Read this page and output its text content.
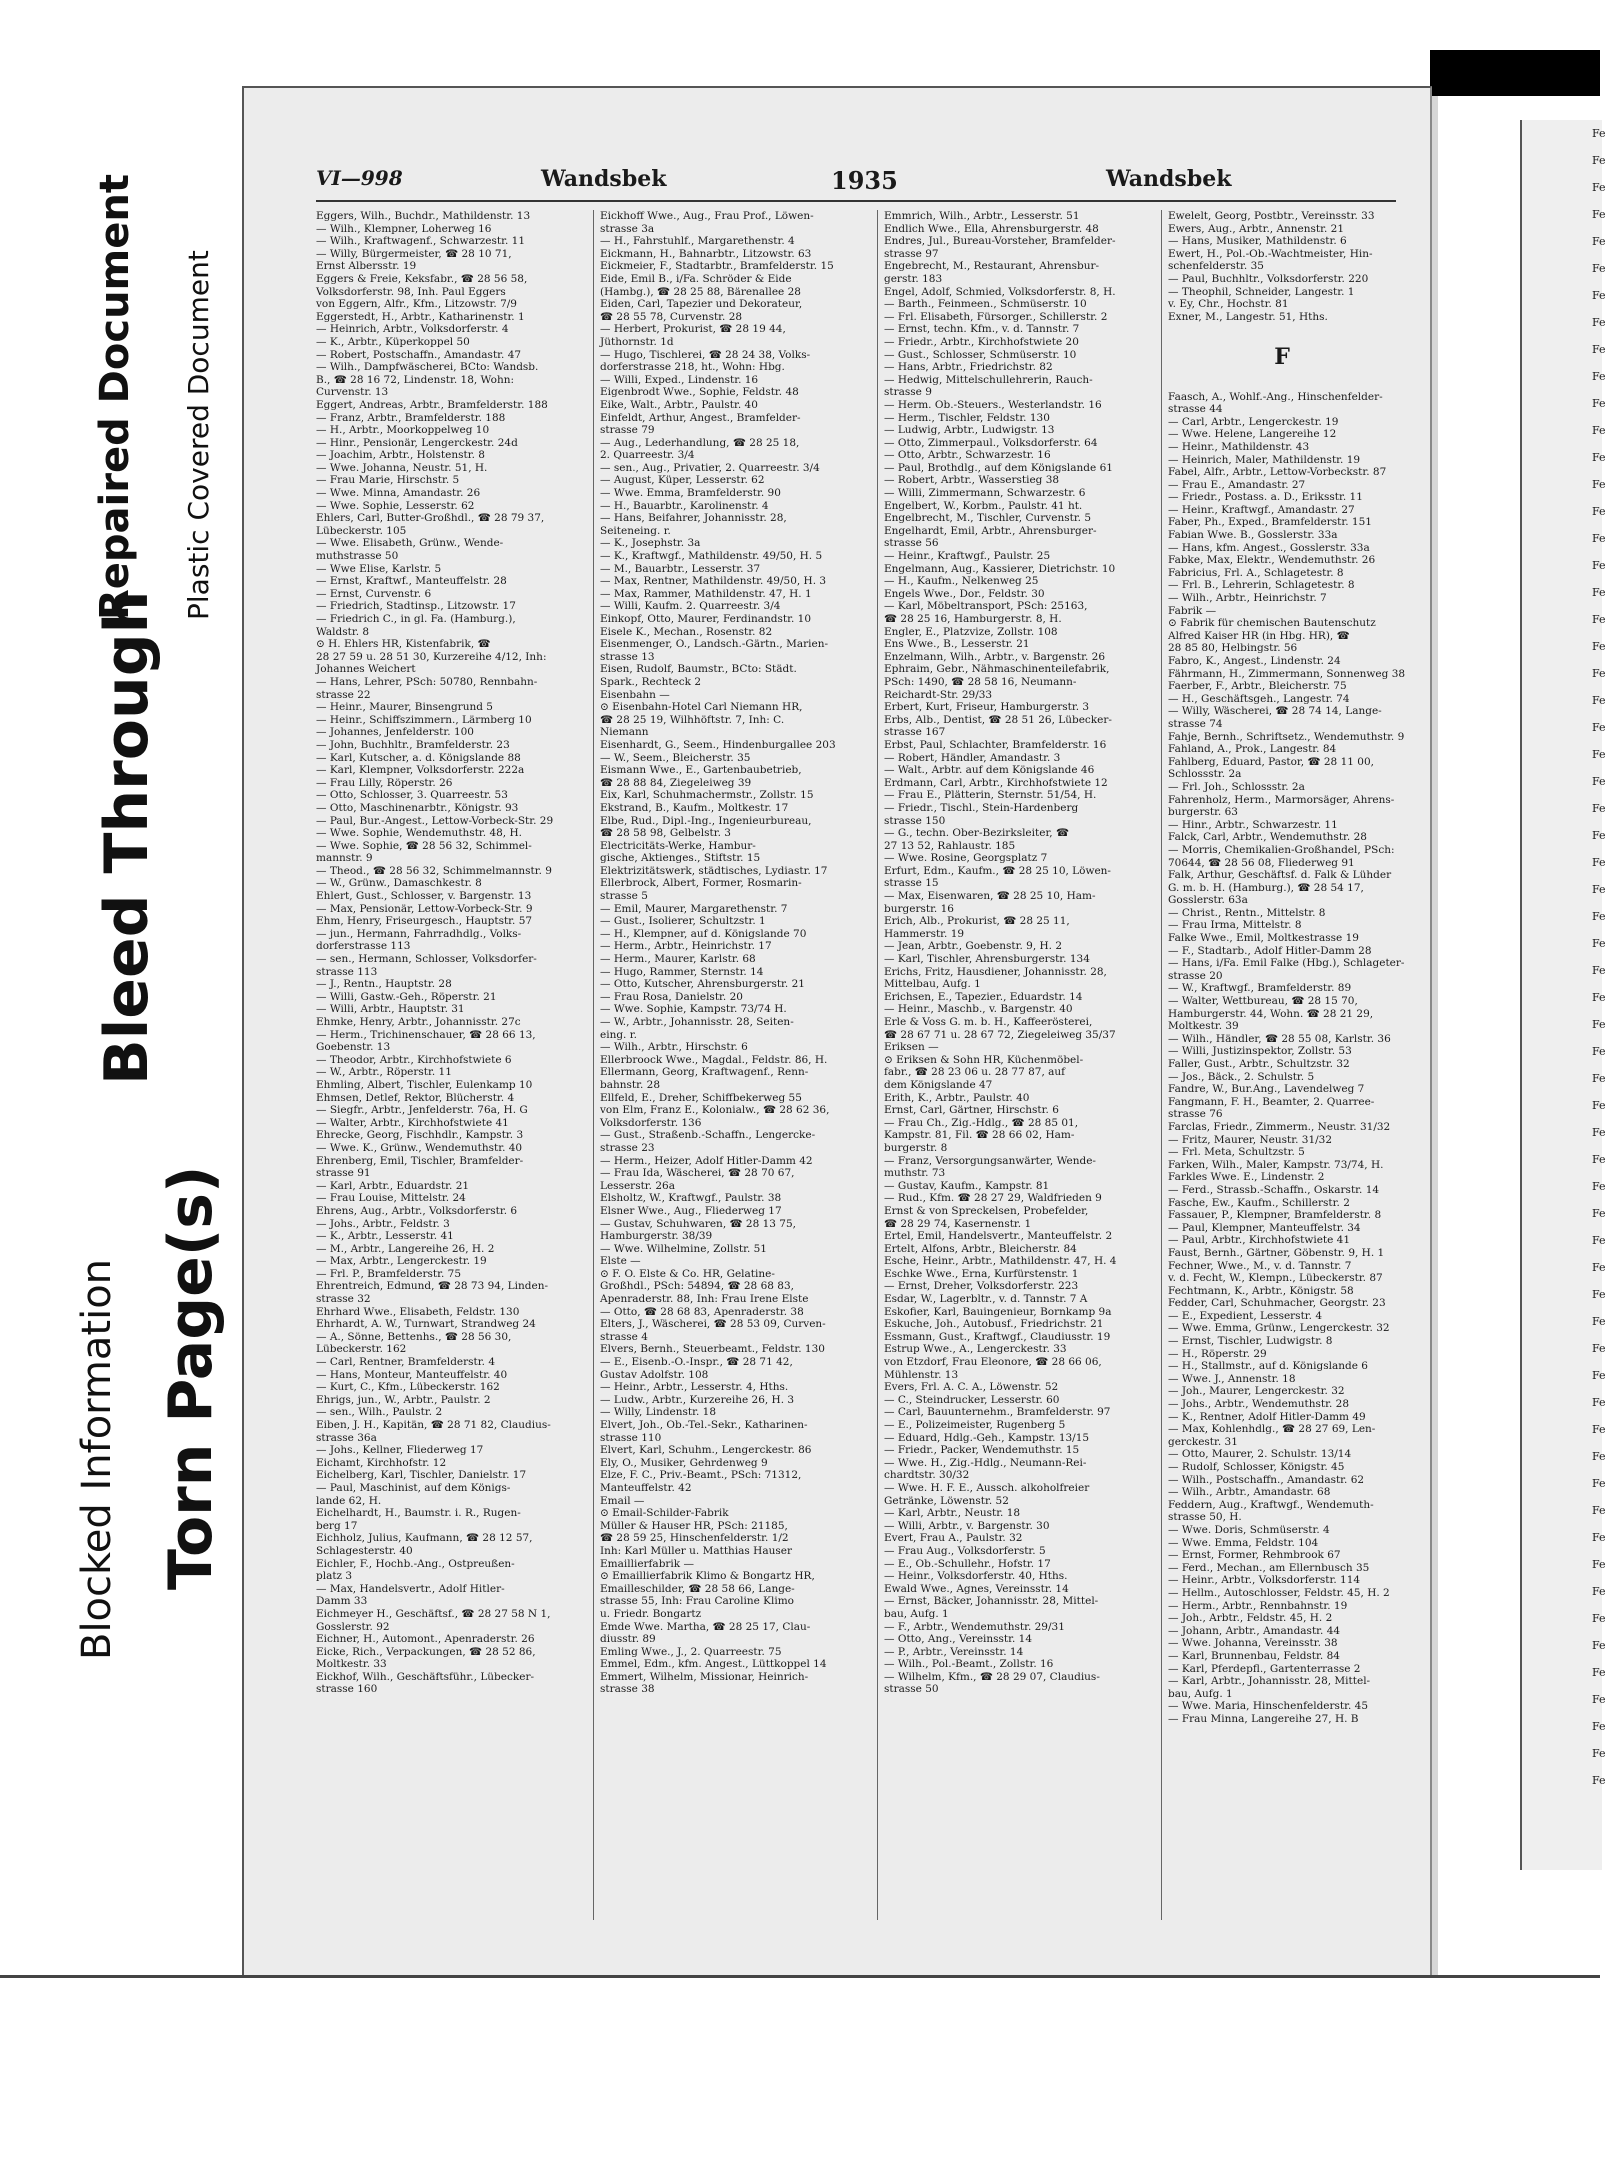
Blocked Information
Bleed Through
Torn Page(s)
Repaired Document Plastic Covered Document
VI—998	Wandsbek	1935	Wandsbek
Eggers, Wilh., Buchdr., Mathildenstr. 13
— Wilh., Klempner, Loherweg 16
— Wilh., Kraftwagenf., Schwarzestr. 11
— Willy, Bürgermeister, ☎ 28 10 71,
Ernst Albersstr. 19
Eggers & Freie, Keksfabr., ☎ 28 56 58,
Volksdorferstr. 98, Inh. Paul Eggers
von Eggern, Alfr., Kfm., Litzowstr. 7/9
Eggerstedt, H., Arbtr., Katharinenstr. 1
— Heinrich, Arbtr., Volksdorferstr. 4
— K., Arbtr., Küperkoppel 50
— Robert, Postschaffn., Amandastr. 47
— Wilh., Dampfwäscherei, BCto: Wandsb.
B., ☎ 28 16 72, Lindenstr. 18, Wohn:
Curvenstr. 13
Eggert, Andreas, Arbtr., Bramfelderstr. 188
— Franz, Arbtr., Bramfelderstr. 188
— H., Arbtr., Moorkoppelweg 10
— Hinr., Pensionär, Lengerckestr. 24d
— Joachim, Arbtr., Holstenstr. 8
— Wwe. Johanna, Neustr. 51, H.
— Frau Marie, Hirschstr. 5
— Wwe. Minna, Amandastr. 26
— Wwe. Sophie, Lesserstr. 62
Ehlers, Carl, Butter-Großhdl., ☎ 28 79 37,
Lübeckerstr. 105
— Wwe. Elisabeth, Grünw., Wende-
muthstrasse 50
— Wwe Elise, Karlstr. 5
— Ernst, Kraftwf., Manteuffelstr. 28
— Ernst, Curvenstr. 6
— Friedrich, Stadtinsp., Litzowstr. 17
— Friedrich C., in gl. Fa. (Hamburg.),
Waldstr. 8
⊙ H. Ehlers HR, Kistenfabrik, ☎
28 27 59 u. 28 51 30, Kurzereihe 4/12, Inh:
Johannes Weichert
— Hans, Lehrer, PSch: 50780, Rennbahn-
strasse 22
— Heinr., Maurer, Binsengrund 5
— Heinr., Schiffszimmern., Lärmberg 10
— Johannes, Jenfelderstr. 100
— John, Buchhltr., Bramfelderstr. 23
— Karl, Kutscher, a. d. Königslande 88
— Karl, Klempner, Volksdorferstr. 222a
— Frau Lilly, Röperstr. 26
— Otto, Schlosser, 3. Quarreestr. 53
— Otto, Maschinenarbtr., Königstr. 93
— Paul, Bur.-Angest., Lettow-Vorbeck-Str. 29
— Wwe. Sophie, Wendemuthstr. 48, H.
— Wwe. Sophie, ☎ 28 56 32, Schimmel-
mannstr. 9
— Theod., ☎ 28 56 32, Schimmelmannstr. 9
— W., Grünw., Damaschkestr. 8
Ehlert, Gust., Schlosser, v. Bargenstr. 13
— Max, Pensionär, Lettow-Vorbeck-Str. 9
Ehm, Henry, Friseurgesch., Hauptstr. 57
— jun., Hermann, Fahrradhdlg., Volks-
dorferstrasse 113
— sen., Hermann, Schlosser, Volksdorfer-
strasse 113
— J., Rentn., Hauptstr. 28
— Willi, Gastw.-Geh., Röperstr. 21
— Willi, Arbtr., Hauptstr. 31
Ehmke, Henry, Arbtr., Johannisstr. 27c
— Herm., Trichinenschauer, ☎ 28 66 13,
Goebenstr. 13
— Theodor, Arbtr., Kirchhofstwiete 6
— W., Arbtr., Röperstr. 11
Ehmling, Albert, Tischler, Eulenkamp 10
Ehmsen, Detlef, Rektor, Blücherstr. 4
— Siegfr., Arbtr., Jenfelderstr. 76a, H. G
— Walter, Arbtr., Kirchhofstwiete 41
Ehrecke, Georg, Fischhdlr., Kampstr. 3
— Wwe. K., Grünw., Wendemuthstr. 40
Ehrenberg, Emil, Tischler, Bramfelder-
strasse 91
— Karl, Arbtr., Eduardstr. 21
— Frau Louise, Mittelstr. 24
Ehrens, Aug., Arbtr., Volksdorferstr. 6
— Johs., Arbtr., Feldstr. 3
— K., Arbtr., Lesserstr. 41
— M., Arbtr., Langereihe 26, H. 2
— Max, Arbtr., Lengerckestr. 19
— Frl. P., Bramfelderstr. 75
Ehrentreich, Edmund, ☎ 28 73 94, Linden-
strasse 32
Ehrhard Wwe., Elisabeth, Feldstr. 130
Ehrhardt, A. W., Turnwart, Strandweg 24
— A., Sönne, Bettenhs., ☎ 28 56 30,
Lübeckerstr. 162
— Carl, Rentner, Bramfelderstr. 4
— Hans, Monteur, Manteuffelstr. 40
— Kurt, C., Kfm., Lübeckerstr. 162
Ehrigs, jun., W., Arbtr., Paulstr. 2
— sen., Wilh., Paulstr. 2
Eiben, J. H., Kapitän, ☎ 28 71 82, Claudius-
strasse 36a
— Johs., Kellner, Fliederweg 17
Eichamt, Kirchhofstr. 12
Eichelberg, Karl, Tischler, Danielstr. 17
— Paul, Maschinist, auf dem Königs-
lande 62, H.
Eichelhardt, H., Baumstr. i. R., Rugen-
berg 17
Eichholz, Julius, Kaufmann, ☎ 28 12 57,
Schlagesterstr. 40
Eichler, F., Hochb.-Ang., Ostpreußen-
platz 3
— Max, Handelsvertr., Adolf Hitler-
Damm 33
Eichmeyer H., Geschäftsf., ☎ 28 27 58 N 1,
Gosslerstr. 92
Eichner, H., Automont., Apenraderstr. 26
Eicke, Rich., Verpackungen, ☎ 28 52 86,
Moltkestr. 33
Eickhof, Wilh., Geschäftsführ., Lübecker-
strasse 160
Eickhoff Wwe., Aug., Frau Prof., Löwen-
strasse 3a
— H., Fahrstuhlf., Margarethenstr. 4
Eickmann, H., Bahnarbtr., Litzowstr. 63
Eickmeier, F., Stadtarbtr., Bramfelderstr. 15
Eide, Emil B., i/Fa. Schröder & Eide
(Hambg.), ☎ 28 25 88, Bärenallee 28
Eiden, Carl, Tapezier und Dekorateur,
☎ 28 55 78, Curvenstr. 28
— Herbert, Prokurist, ☎ 28 19 44,
Jüthornstr. 1d
— Hugo, Tischlerei, ☎ 28 24 38, Volks-
dorferstrasse 218, ht., Wohn: Hbg.
— Willi, Exped., Lindenstr. 16
Eigenbrodt Wwe., Sophie, Feldstr. 48
Eike, Walt., Arbtr., Paulstr. 40
Einfeldt, Arthur, Angest., Bramfelder-
strasse 79
— Aug., Lederhandlung, ☎ 28 25 18,
2. Quarreestr. 3/4
— sen., Aug., Privatier, 2. Quarreestr. 3/4
— August, Küper, Lesserstr. 62
— Wwe. Emma, Bramfelderstr. 90
— H., Bauarbtr., Karolinenstr. 4
— Hans, Beifahrer, Johannisstr. 28,
Seiteneing. r.
— K., Josephstr. 3a
— K., Kraftwgf., Mathildenstr. 49/50, H. 5
— M., Bauarbtr., Lesserstr. 37
— Max, Rentner, Mathildenstr. 49/50, H. 3
— Max, Rammer, Mathildenstr. 47, H. 1
— Willi, Kaufm. 2. Quarreestr. 3/4
Einkopf, Otto, Maurer, Ferdinandstr. 10
Eisele K., Mechan., Rosenstr. 82
Eisenmenger, O., Landsch.-Gärtn., Marien-
strasse 13
Eisen, Rudolf, Baumstr., BCto: Städt.
Spark., Rechteck 2
Eisenbahn —
⊙ Eisenbahn-Hotel Carl Niemann HR,
☎ 28 25 19, Wilhhöftstr. 7, Inh: C.
Niemann
Eisenhardt, G., Seem., Hindenburgallee 203
— W., Seem., Bleicherstr. 35
Eismann Wwe., E., Gartenbaubetrieb,
☎ 28 88 84, Ziegeleiweg 39
Eix, Karl, Schuhmachermstr., Zollstr. 15
Ekstrand, B., Kaufm., Moltkestr. 17
Elbe, Rud., Dipl.-Ing., Ingenieurbureau,
☎ 28 58 98, Gelbelstr. 3
Electricitäts-Werke, Hambur-
gische, Aktienges., Stiftstr. 15
Elektrizitätswerk, städtisches, Lydiastr. 17
Ellerbrock, Albert, Former, Rosmarin-
strasse 5
— Emil, Maurer, Margarethenstr. 7
— Gust., Isolierer, Schultzstr. 1
— H., Klempner, auf d. Königslande 70
— Herm., Arbtr., Heinrichstr. 17
— Herm., Maurer, Karlstr. 68
— Hugo, Rammer, Sternstr. 14
— Otto, Kutscher, Ahrensburgerstr. 21
— Frau Rosa, Danielstr. 20
— Wwe. Sophie, Kampstr. 73/74 H.
— W., Arbtr., Johannisstr. 28, Seiten-
eing. r.
— Wilh., Arbtr., Hirschstr. 6
Ellerbroock Wwe., Magdal., Feldstr. 86, H.
Ellermann, Georg, Kraftwagenf., Renn-
bahnstr. 28
Ellfeld, E., Dreher, Schiffbekerweg 55
von Elm, Franz E., Kolonialw., ☎ 28 62 36,
Volksdorferstr. 136
— Gust., Straßenb.-Schaffn., Lengercke-
strasse 23
— Herm., Heizer, Adolf Hitler-Damm 42
— Frau Ida, Wäscherei, ☎ 28 70 67,
Lesserstr. 26a
Elsholtz, W., Kraftwgf., Paulstr. 38
Elsner Wwe., Aug., Fliederweg 17
— Gustav, Schuhwaren, ☎ 28 13 75,
Hamburgerstr. 38/39
— Wwe. Wilhelmine, Zollstr. 51
Elste —
⊙ F. O. Elste & Co. HR, Gelatine-
Großhdl., PSch: 54894, ☎ 28 68 83,
Apenraderstr. 88, Inh: Frau Irene Elste
— Otto, ☎ 28 68 83, Apenraderstr. 38
Elters, J., Wäscherei, ☎ 28 53 09, Curven-
strasse 4
Elvers, Bernh., Steuerbeamt., Feldstr. 130
— E., Eisenb.-O.-Inspr., ☎ 28 71 42,
Gustav Adolfstr. 108
— Heinr., Arbtr., Lesserstr. 4, Hths.
— Ludw., Arbtr., Kurzereihe 26, H. 3
— Willy, Lindenstr. 18
Elvert, Joh., Ob.-Tel.-Sekr., Katharinen-
strasse 110
Elvert, Karl, Schuhm., Lengerckestr. 86
Ely, O., Musiker, Gehrdenweg 9
Elze, F. C., Priv.-Beamt., PSch: 71312,
Manteuffelstr. 42
Email —
⊙ Email-Schilder-Fabrik
Müller & Hauser HR, PSch: 21185,
☎ 28 59 25, Hinschenfelderstr. 1/2
Inh: Karl Müller u. Matthias Hauser
Emaillierfabrik —
⊙ Emaillierfabrik Klimo & Bongartz HR,
Emailleschilder, ☎ 28 58 66, Lange-
strasse 55, Inh: Frau Caroline Klimo
u. Friedr. Bongartz
Emde Wwe. Martha, ☎ 28 25 17, Clau-
diusstr. 89
Emling Wwe., J., 2. Quarreestr. 75
Emmel, Edm., kfm. Angest., Lüttkoppel 14
Emmert, Wilhelm, Missionar, Heinrich-
strasse 38
Emmrich, Wilh., Arbtr., Lesserstr. 51
Endlich Wwe., Ella, Ahrensburgerstr. 48
Endres, Jul., Bureau-Vorsteher, Bramfelder-
strasse 97
Engebrecht, M., Restaurant, Ahrensbur-
gerstr. 183
Engel, Adolf, Schmied, Volksdorferstr. 8, H.
— Barth., Feinmeen., Schmüserstr. 10
— Frl. Elisabeth, Fürsorger., Schillerstr. 2
— Ernst, techn. Kfm., v. d. Tannstr. 7
— Friedr., Arbtr., Kirchhofstwiete 20
— Gust., Schlosser, Schmüserstr. 10
— Hans, Arbtr., Friedrichstr. 82
— Hedwig, Mittelschullehrerin, Rauch-
strasse 9
— Herm. Ob.-Steuers., Westerlandstr. 16
— Herm., Tischler, Feldstr. 130
— Ludwig, Arbtr., Ludwigstr. 13
— Otto, Zimmerpaul., Volksdorferstr. 64
— Otto, Arbtr., Schwarzestr. 16
— Paul, Brothdlg., auf dem Königslande 61
— Robert, Arbtr., Wasserstieg 38
— Willi, Zimmermann, Schwarzestr. 6
Engelbert, W., Korbm., Paulstr. 41 ht.
Engelbrecht, M., Tischler, Curvenstr. 5
Engelhardt, Emil, Arbtr., Ahrensburger-
strasse 56
— Heinr., Kraftwgf., Paulstr. 25
Engelmann, Aug., Kassierer, Dietrichstr. 10
— H., Kaufm., Nelkenweg 25
Engels Wwe., Dor., Feldstr. 30
— Karl, Möbeltransport, PSch: 25163,
☎ 28 25 16, Hamburgerstr. 8, H.
Engler, E., Platzvize, Zollstr. 108
Ens Wwe., B., Lesserstr. 21
Enzelmann, Wilh., Arbtr., v. Bargenstr. 26
Ephraim, Gebr., Nähmaschinenteilefabrik,
PSch: 1490, ☎ 28 58 16, Neumann-
Reichardt-Str. 29/33
Erbert, Kurt, Friseur, Hamburgerstr. 3
Erbs, Alb., Dentist, ☎ 28 51 26, Lübecker-
strasse 167
Erbst, Paul, Schlachter, Bramfelderstr. 16
— Robert, Händler, Amandastr. 3
— Walt., Arbtr. auf dem Königslande 46
Erdmann, Carl, Arbtr., Kirchhofstwiete 12
— Frau E., Plätterin, Sternstr. 51/54, H.
— Friedr., Tischl., Stein-Hardenberg
strasse 150
— G., techn. Ober-Bezirksleiter, ☎
27 13 52, Rahlaustr. 185
— Wwe. Rosine, Georgsplatz 7
Erfurt, Edm., Kaufm., ☎ 28 25 10, Löwen-
strasse 15
— Max, Eisenwaren, ☎ 28 25 10, Ham-
burgerstr. 16
Erich, Alb., Prokurist, ☎ 28 25 11,
Hammerstr. 19
— Jean, Arbtr., Goebenstr. 9, H. 2
— Karl, Tischler, Ahrensburgerstr. 134
Erichs, Fritz, Hausdiener, Johannisstr. 28,
Mittelbau, Aufg. 1
Erichsen, E., Tapezier., Eduardstr. 14
— Heinr., Maschb., v. Bargenstr. 40
Erle & Voss G. m. b. H., Kaffeerösterei,
☎ 28 67 71 u. 28 67 72, Ziegeleiweg 35/37
Eriksen —
⊙ Eriksen & Sohn HR, Küchenmöbel-
fabr., ☎ 28 23 06 u. 28 77 87, auf
dem Königslande 47
Erith, K., Arbtr., Paulstr. 40
Ernst, Carl, Gärtner, Hirschstr. 6
— Frau Ch., Zig.-Hdlg., ☎ 28 85 01,
Kampstr. 81, Fil. ☎ 28 66 02, Ham-
burgerstr. 8
— Franz, Versorgungsanwärter, Wende-
muthstr. 73
— Gustav, Kaufm., Kampstr. 81
— Rud., Kfm. ☎ 28 27 29, Waldfrieden 9
Ernst & von Spreckelsen, Probefelder,
☎ 28 29 74, Kasernenstr. 1
Ertel, Emil, Handelsvertr., Manteuffelstr. 2
Ertelt, Alfons, Arbtr., Bleicherstr. 84
Esche, Heinr., Arbtr., Mathildenstr. 47, H. 4
Eschke Wwe., Erna, Kurfürstenstr. 1
— Ernst, Dreher, Volksdorferstr. 223
Esdar, W., Lagerbltr., v. d. Tannstr. 7 A
Eskofier, Karl, Bauingenieur, Bornkamp 9a
Eskuche, Joh., Autobusf., Friedrichstr. 21
Essmann, Gust., Kraftwgf., Claudiusstr. 19
Estrup Wwe., A., Lengerckestr. 33
von Etzdorf, Frau Eleonore, ☎ 28 66 06,
Mühlenstr. 13
Evers, Frl. A. C. A., Löwenstr. 52
— C., Steindrucker, Lesserstr. 60
— Carl, Bauunternehm., Bramfelderstr. 97
— E., Polizeimeister, Rugenberg 5
— Eduard, Hdlg.-Geh., Kampstr. 13/15
— Friedr., Packer, Wendemuthstr. 15
— Wwe. H., Zig.-Hdlg., Neumann-Rei-
chardtstr. 30/32
— Wwe. H. F. E., Aussch. alkoholfreier
Getränke, Löwenstr. 52
— Karl, Arbtr., Neustr. 18
— Willi, Arbtr., v. Bargenstr. 30
Evert, Frau A., Paulstr. 32
— Frau Aug., Volksdorferstr. 5
— E., Ob.-Schullehr., Hofstr. 17
— Heinr., Volksdorferstr. 40, Hths.
Ewald Wwe., Agnes, Vereinsstr. 14
— Ernst, Bäcker, Johannisstr. 28, Mittel-
bau, Aufg. 1
— F., Arbtr., Wendemuthstr. 29/31
— Otto, Ang., Vereinsstr. 14
— P., Arbtr., Vereinsstr. 14
— Wilh., Pol.-Beamt., Zollstr. 16
— Wilhelm, Kfm., ☎ 28 29 07, Claudius-
strasse 50
Ewelelt, Georg, Postbtr., Vereinsstr. 33
Ewers, Aug., Arbtr., Annenstr. 21
— Hans, Musiker, Mathildenstr. 6
Ewert, H., Pol.-Ob.-Wachtmeister, Hin-
schenfelderstr. 35
— Paul, Buchhltr., Volksdorferstr. 220
— Theophil, Schneider, Langestr. 1
v. Ey, Chr., Hochstr. 81
Exner, M., Langestr. 51, Hths.

F

Faasch, A., Wohlf.-Ang., Hinschenfelder-
strasse 44
— Carl, Arbtr., Lengerckestr. 19
— Wwe. Helene, Langereihe 12
— Heinr., Mathildenstr. 43
— Heinrich, Maler, Mathildenstr. 19
Fabel, Alfr., Arbtr., Lettow-Vorbeckstr. 87
— Frau E., Amandastr. 27
— Friedr., Postass. a. D., Eriksstr. 11
— Heinr., Kraftwgf., Amandastr. 27
Faber, Ph., Exped., Bramfelderstr. 151
Fabian Wwe. B., Gosslerstr. 33a
— Hans, kfm. Angest., Gosslerstr. 33a
Fabke, Max, Elektr., Wendemuthstr. 26
Fabricius, Frl. A., Schlagetestr. 8
— Frl. B., Lehrerin, Schlagetestr. 8
— Wilh., Arbtr., Heinrichstr. 7
Fabrik —
⊙ Fabrik für chemischen Bautenschutz
Alfred Kaiser HR (in Hbg. HR), ☎
28 85 80, Helbingstr. 56
Fabro, K., Angest., Lindenstr. 24
Fährmann, H., Zimmermann, Sonnenweg 38
Faerber, F., Arbtr., Bleicherstr. 75
— H., Geschäftsgeh., Langestr. 74
— Willy, Wäscherei, ☎ 28 74 14, Lange-
strasse 74
Fahje, Bernh., Schriftsetz., Wendemuthstr. 9
Fahland, A., Prok., Langestr. 84
Fahlberg, Eduard, Pastor, ☎ 28 11 00,
Schlossstr. 2a
— Frl. Joh., Schlossstr. 2a
Fahrenholz, Herm., Marmorsäger, Ahrens-
burgerstr. 63
— Hinr., Arbtr., Schwarzestr. 11
Falck, Carl, Arbtr., Wendemuthstr. 28
— Morris, Chemikalien-Großhandel, PSch:
70644, ☎ 28 56 08, Fliederweg 91
Falk, Arthur, Geschäftsf. d. Falk & Lühder
G. m. b. H. (Hamburg.), ☎ 28 54 17,
Gosslerstr. 63a
— Christ., Rentn., Mittelstr. 8
— Frau Irma, Mittelstr. 8
Falke Wwe., Emil, Moltkestrasse 19
— F., Stadtarb., Adolf Hitler-Damm 28
— Hans, i/Fa. Emil Falke (Hbg.), Schlageter-
strasse 20
— W., Kraftwgf., Bramfelderstr. 89
— Walter, Wettbureau, ☎ 28 15 70,
Hamburgerstr. 44, Wohn. ☎ 28 21 29,
Moltkestr. 39
— Wilh., Händler, ☎ 28 55 08, Karlstr. 36
— Willi, Justizinspektor, Zollstr. 53
Faller, Gust., Arbtr., Schultzstr. 32
— Jos., Bäck., 2. Schulstr. 5
Fandre, W., Bur.Ang., Lavendelweg 7
Fangmann, F. H., Beamter, 2. Quarree-
strasse 76
Farclas, Friedr., Zimmerm., Neustr. 31/32
— Fritz, Maurer, Neustr. 31/32
— Frl. Meta, Schultzstr. 5
Farken, Wilh., Maler, Kampstr. 73/74, H.
Farkles Wwe. E., Lindenstr. 2
— Ferd., Strassb.-Schaffn., Oskarstr. 14
Fasche, Ew., Kaufm., Schillerstr. 2
Fassauer, P., Klempner, Bramfelderstr. 8
— Paul, Klempner, Manteuffelstr. 34
— Paul, Arbtr., Kirchhofstwiete 41
Faust, Bernh., Gärtner, Göbenstr. 9, H. 1
Fechner, Wwe., M., v. d. Tannstr. 7
v. d. Fecht, W., Klempn., Lübeckerstr. 87
Fechtmann, K., Arbtr., Königstr. 58
Fedder, Carl, Schuhmacher, Georgstr. 23
— E., Expedient, Lesserstr. 4
— Wwe. Emma, Grünw., Lengerckestr. 32
— Ernst, Tischler, Ludwigstr. 8
— H., Röperstr. 29
— H., Stallmstr., auf d. Königslande 6
— Wwe. J., Annenstr. 18
— Joh., Maurer, Lengerckestr. 32
— Johs., Arbtr., Wendemuthstr. 28
— K., Rentner, Adolf Hitler-Damm 49
— Max, Kohlenhdlg., ☎ 28 27 69, Len-
gerckestr. 31
— Otto, Maurer, 2. Schulstr. 13/14
— Rudolf, Schlosser, Königstr. 45
— Wilh., Postschaffn., Amandastr. 62
— Wilh., Arbtr., Amandastr. 68
Feddern, Aug., Kraftwgf., Wendemuth-
strasse 50, H.
— Wwe. Doris, Schmüserstr. 4
— Wwe. Emma, Feldstr. 104
— Ernst, Former, Rehmbrook 67
— Ferd., Mechan., am Ellernbusch 35
— Heinr., Arbtr., Volksdorferstr. 114
— Hellm., Autoschlosser, Feldstr. 45, H. 2
— Herm., Arbtr., Rennbahnstr. 19
— Joh., Arbtr., Feldstr. 45, H. 2
— Johann, Arbtr., Amandastr. 44
— Wwe. Johanna, Vereinsstr. 38
— Karl, Brunnenbau, Feldstr. 84
— Karl, Pferdepfl., Gartenterrasse 2
— Karl, Arbtr., Johannisstr. 28, Mittel-
bau, Aufg. 1
— Wwe. Maria, Hinschenfelderstr. 45
— Frau Minna, Langereihe 27, H. B
Fe
Fe
Fe
Fe
Fe
Fe
Fe
Fe
Fe
Fe
Fe
Fe
Fe
Fe
Fe
Fe
Fe
Fe
Fe
Fe
Fe
Fe
Fe
Fe
Fe
Fe
Fe
Fe
Fe
Fe
Fe
Fe
Fe
Fe
Fe
Fe
Fe
Fe
Fe
Fe
Fe
Fe
Fe
Fe
Fe
Fe
Fe
Fe
Fe
Fe
Fe
Fe
Fe
Fe
Fe
Fe
Fe
Fe
Fe
Fe
Fe
Fe
